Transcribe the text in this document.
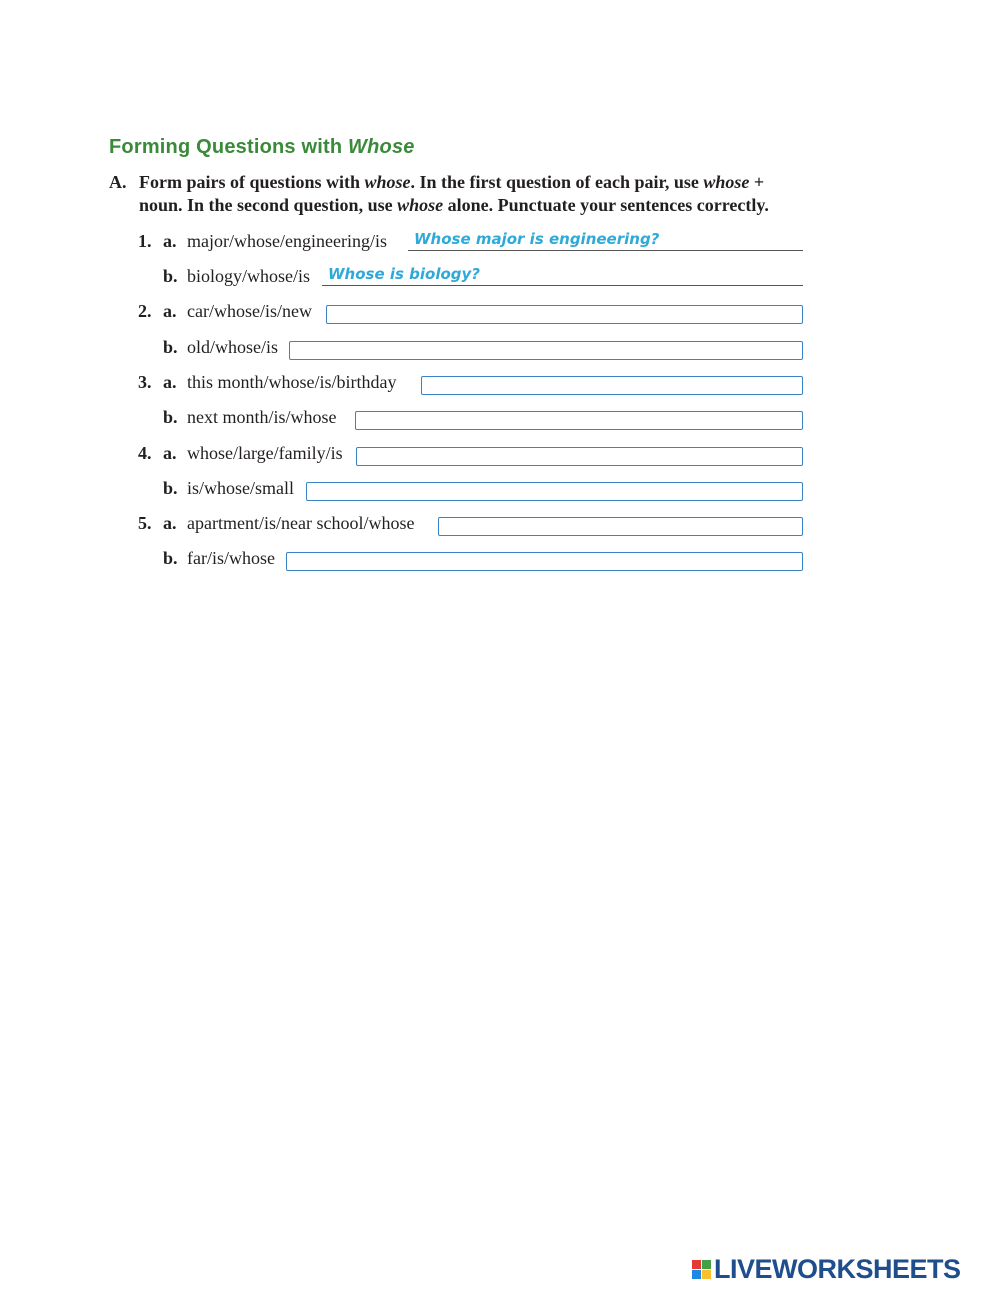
Forming Questions with Whose
A. Form pairs of questions with whose. In the first question of each pair, use whose + noun. In the second question, use whose alone. Punctuate your sentences correctly.
1. a. major/whose/engineering/is	Whose major is engineering?
b. biology/whose/is	Whose is biology?
2. a. car/whose/is/new
b. old/whose/is
3. a. this month/whose/is/birthday
b. next month/is/whose
4. a. whose/large/family/is
b. is/whose/small
5. a. apartment/is/near school/whose
b. far/is/whose
LIVEWORKSHEETS
